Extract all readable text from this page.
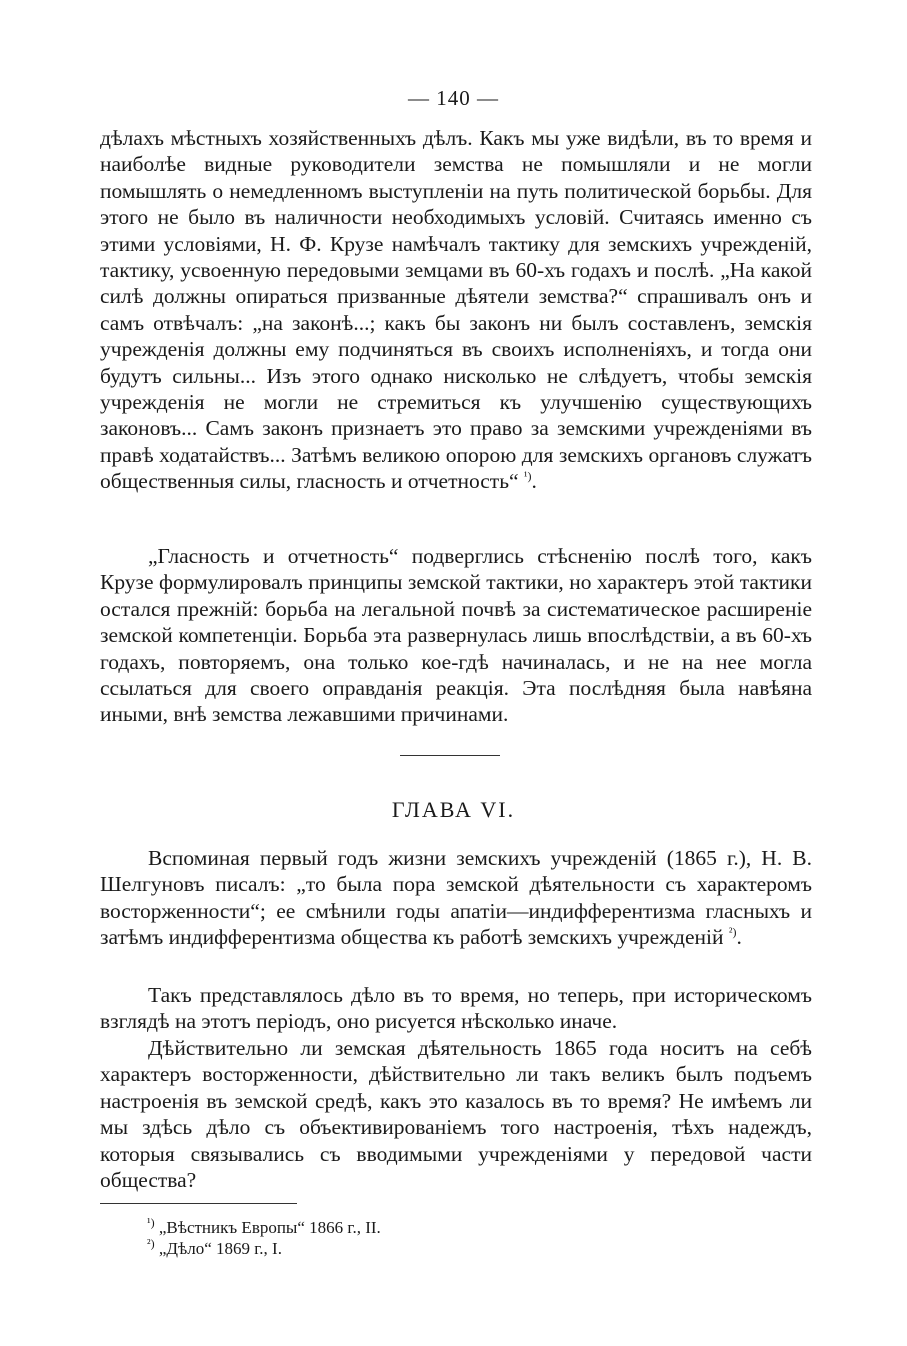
— 140 —
дѣлахъ мѣстныхъ хозяйственныхъ дѣлъ. Какъ мы уже видѣли, въ то время и наиболѣе видные руководители земства не помышляли и не могли помышлять о немедленномъ выступленіи на путь политической борьбы. Для этого не было въ наличности необходимыхъ условій. Считаясь именно съ этими условіями, Н. Ф. Крузе намѣчалъ тактику для земскихъ учрежденій, тактику, усвоенную передовыми земцами въ 60-хъ годахъ и послѣ. „На какой силѣ должны опираться призванные дѣятели земства?“ спрашивалъ онъ и самъ отвѣчалъ: „на законѣ...; какъ бы законъ ни былъ составленъ, земскія учрежденія должны ему подчиняться въ своихъ исполненіяхъ, и тогда они будутъ сильны... Изъ этого однако нисколько не слѣдуетъ, чтобы земскія учрежденія не могли не стремиться къ улучшенію существующихъ законовъ... Самъ законъ признаетъ это право за земскими учрежденіями въ правѣ ходатайствъ... Затѣмъ великою опорою для земскихъ органовъ служатъ общественныя силы, гласность и отчетность“ $^{^1)}$.
„Гласность и отчетность“ подверглись стѣсненію послѣ того, какъ Крузе формулировалъ принципы земской тактики, но характеръ этой тактики остался прежній: борьба на легальной почвѣ за систематическое расширеніе земской компетенціи. Борьба эта развернулась лишь впослѣдствіи, а въ 60-хъ годахъ, повторяемъ, она только кое-гдѣ начиналась, и не на нее могла ссылаться для своего оправданія реакція. Эта послѣдняя была навѣяна иными, внѣ земства лежавшими причинами.
ГЛАВА VI.
Вспоминая первый годъ жизни земскихъ учрежденій (1865 г.), Н. В. Шелгуновъ писалъ: „то была пора земской дѣятельности съ характеромъ восторженности“; ее смѣнили годы апатіи—индифферентизма гласныхъ и затѣмъ индифферентизма общества къ работѣ земскихъ учрежденій $^{^2)}$.
Такъ представлялось дѣло въ то время, но теперь, при историческомъ взглядѣ на этотъ періодъ, оно рисуется нѣсколько иначе.
Дѣйствительно ли земская дѣятельность 1865 года носитъ на себѣ характеръ восторженности, дѣйствительно ли такъ великъ былъ подъемъ настроенія въ земской средѣ, какъ это казалось въ то время? Не имѣемъ ли мы здѣсь дѣло съ объективированіемъ того настроенія, тѣхъ надеждъ, которыя связывались съ вводимыми учрежденіями у передовой части общества?
$^{^1)}$ „Вѣстникъ Европы“ 1866 г., II.
$^{^2)}$ „Дѣло“ 1869 г., I.
